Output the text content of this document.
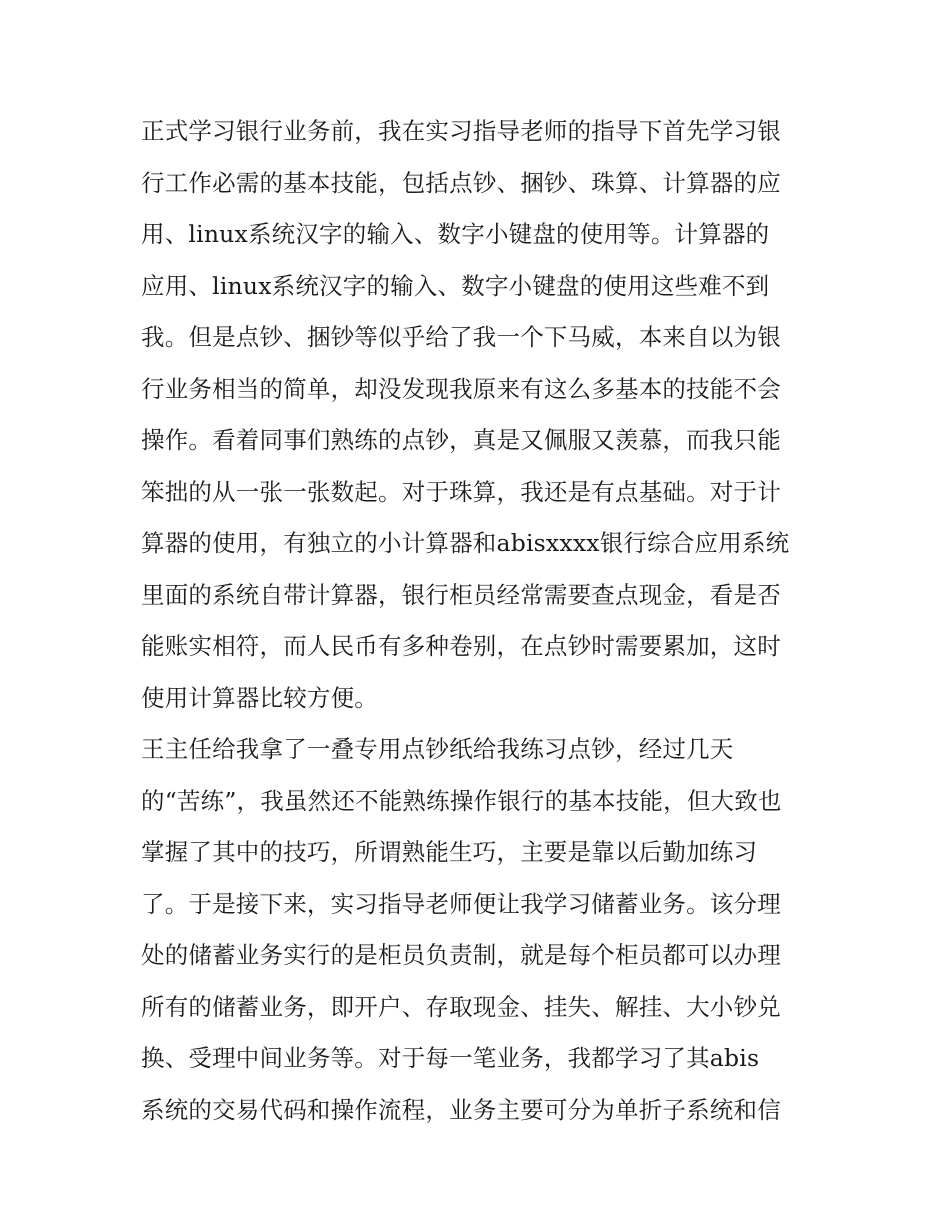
正式学习银行业务前，我在实习指导老师的指导下首先学习银
行工作必需的基本技能，包括点钞、捆钞、珠算、计算器的应
用、linux系统汉字的输入、数字小键盘的使用等。计算器的
应用、linux系统汉字的输入、数字小键盘的使用这些难不到
我。但是点钞、捆钞等似乎给了我一个下马威，本来自以为银
行业务相当的简单，却没发现我原来有这么多基本的技能不会
操作。看着同事们熟练的点钞，真是又佩服又羡慕，而我只能
笨拙的从一张一张数起。对于珠算，我还是有点基础。对于计
算器的使用，有独立的小计算器和abisxxxx银行综合应用系统
里面的系统自带计算器，银行柜员经常需要查点现金，看是否
能账实相符，而人民币有多种卷别，在点钞时需要累加，这时
使用计算器比较方便。
王主任给我拿了一叠专用点钞纸给我练习点钞，经过几天
的“苦练”，我虽然还不能熟练操作银行的基本技能，但大致也
掌握了其中的技巧，所谓熟能生巧，主要是靠以后勤加练习
了。于是接下来，实习指导老师便让我学习储蓄业务。该分理
处的储蓄业务实行的是柜员负责制，就是每个柜员都可以办理
所有的储蓄业务，即开户、存取现金、挂失、解挂、大小钞兑
换、受理中间业务等。对于每一笔业务，我都学习了其abis
系统的交易代码和操作流程，业务主要可分为单折子系统和信
